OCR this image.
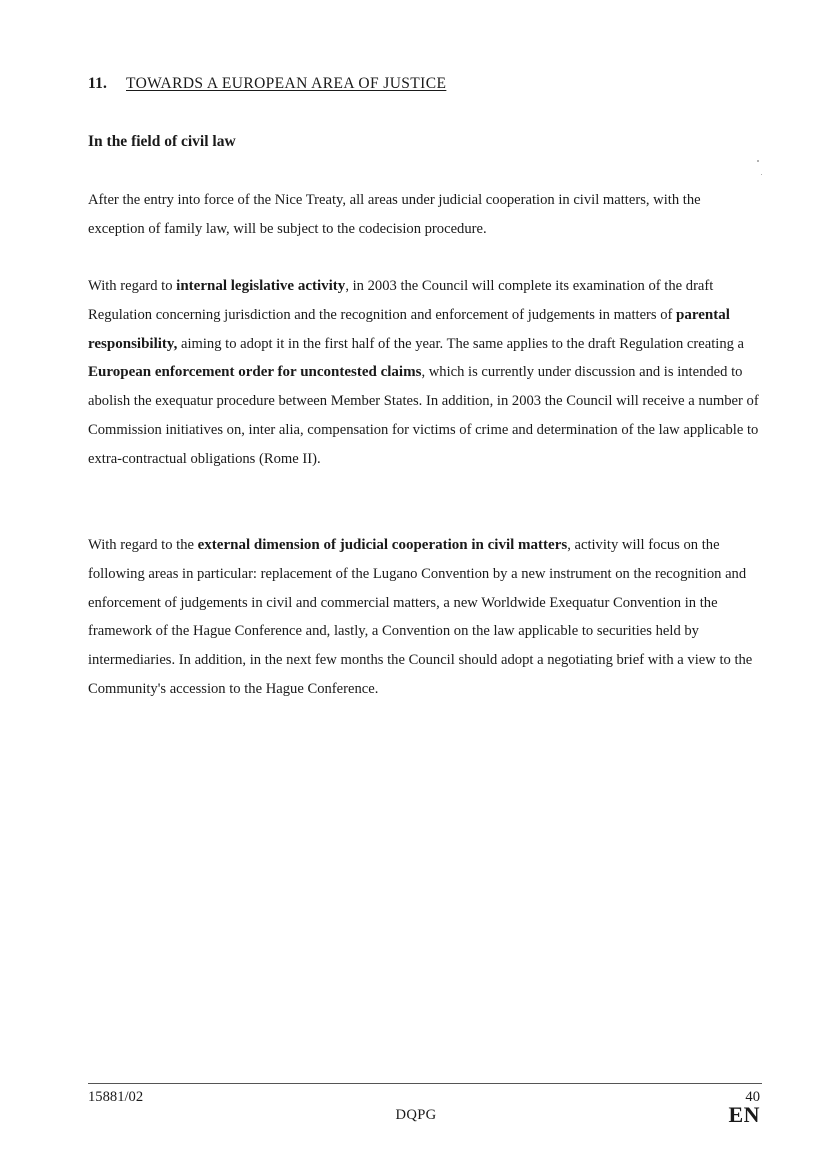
11. TOWARDS A EUROPEAN AREA OF JUSTICE
In the field of civil law
After the entry into force of the Nice Treaty, all areas under judicial cooperation in civil matters, with the exception of family law, will be subject to the codecision procedure.
With regard to internal legislative activity, in 2003 the Council will complete its examination of the draft Regulation concerning jurisdiction and the recognition and enforcement of judgements in matters of parental responsibility, aiming to adopt it in the first half of the year. The same applies to the draft Regulation creating a European enforcement order for uncontested claims, which is currently under discussion and is intended to abolish the exequatur procedure between Member States. In addition, in 2003 the Council will receive a number of Commission initiatives on, inter alia, compensation for victims of crime and determination of the law applicable to extra-contractual obligations (Rome II).
With regard to the external dimension of judicial cooperation in civil matters, activity will focus on the following areas in particular: replacement of the Lugano Convention by a new instrument on the recognition and enforcement of judgements in civil and commercial matters, a new Worldwide Exequatur Convention in the framework of the Hague Conference and, lastly, a Convention on the law applicable to securities held by intermediaries. In addition, in the next few months the Council should adopt a negotiating brief with a view to the Community's accession to the Hague Conference.
15881/02	40
DQPG	EN
